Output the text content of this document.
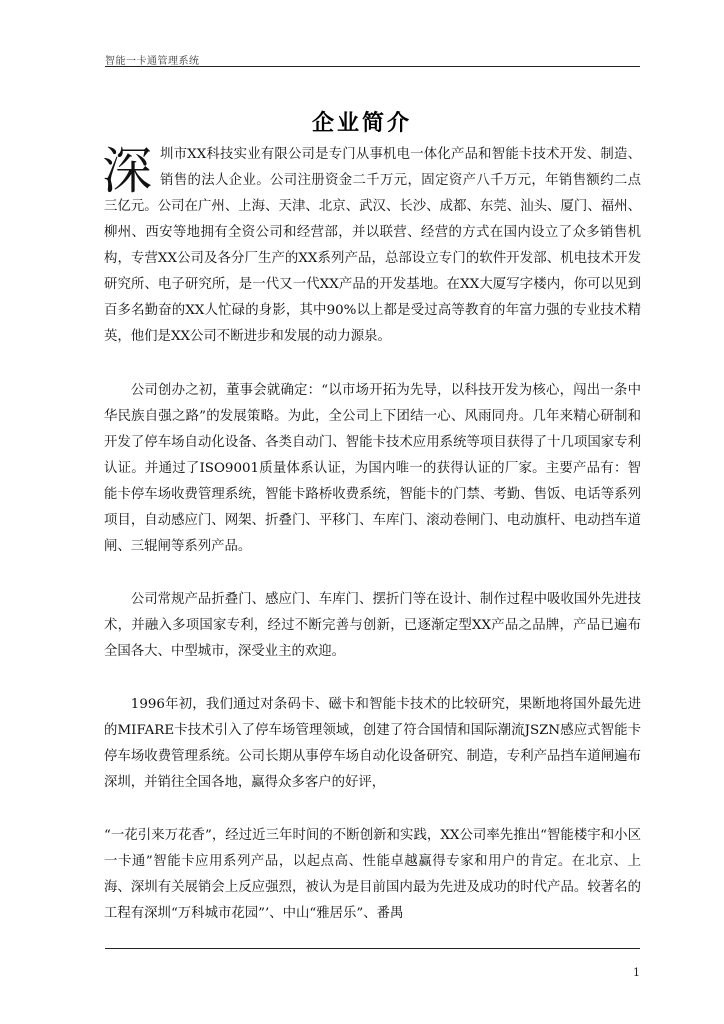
智能一卡通管理系统
企业简介

深圳市XX科技实业有限公司是专门从事机电一体化产品和智能卡技术开发、制造、销售的法人企业。公司注册资金二千万元，固定资产八千万元，年销售额约二点三亿元。公司在广州、上海、天津、北京、武汉、长沙、成都、东莞、汕头、厦门、福州、柳州、西安等地拥有全资公司和经营部，并以联营、经营的方式在国内设立了众多销售机构，专营XX公司及各分厂生产的XX系列产品，总部设立专门的软件开发部、机电技术开发研究所、电子研究所，是一代又一代XX产品的开发基地。在XX大厦写字楼内，你可以见到百多名勤奋的XX人忙碌的身影，其中90%以上都是受过高等教育的年富力强的专业技术精英，他们是XX公司不断进步和发展的动力源泉。

公司创办之初，董事会就确定：“以市场开拓为先导，以科技开发为核心，闯出一条中华民族自强之路”的发展策略。为此，全公司上下团结一心、风雨同舟。几年来精心研制和开发了停车场自动化设备、各类自动门、智能卡技术应用系统等项目获得了十几项国家专利认证。并通过了ISO9001质量体系认证，为国内唯一的获得认证的厂家。主要产品有：智能卡停车场收费管理系统，智能卡路桥收费系统，智能卡的门禁、考勤、售饭、电话等系列项目，自动感应门、网架、折叠门、平移门、车库门、滚动卷闸门、电动旗杆、电动挡车道闸、三辊闸等系列产品。

公司常规产品折叠门、感应门、车库门、摆折门等在设计、制作过程中吸收国外先进技术，并融入多项国家专利，经过不断完善与创新，已逐渐定型XX产品之品牌，产品已遍布全国各大、中型城市，深受业主的欢迎。

1996年初，我们通过对条码卡、磁卡和智能卡技术的比较研究，果断地将国外最先进的MIFARE卡技术引入了停车场管理领域，创建了符合国情和国际潮流JSZN感应式智能卡停车场收费管理系统。公司长期从事停车场自动化设备研究、制造，专利产品挡车道闸遍布深圳，并销往全国各地，赢得众多客户的好评，

“一花引来万花香”，经过近三年时间的不断创新和实践，XX公司率先推出“智能楼宇和小区一卡通”智能卡应用系列产品，以起点高、性能卓越赢得专家和用户的肯定。在北京、上海、深圳有关展销会上反应强烈，被认为是目前国内最为先进及成功的时代产品。较著名的工程有深圳“万科城市花园”’、中山“雅居乐”、番禺

1
